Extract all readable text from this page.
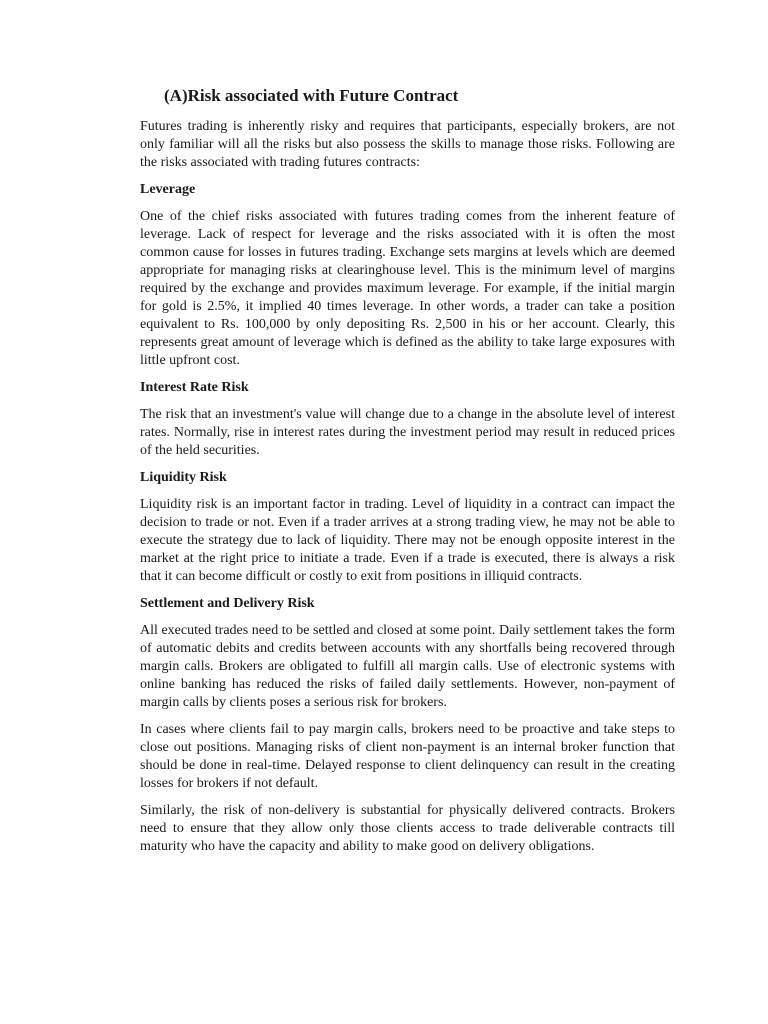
(A)Risk associated with Future Contract

Futures trading is inherently risky and requires that participants, especially brokers, are not only familiar will all the risks but also possess the skills to manage those risks. Following are the risks associated with trading futures contracts:

Leverage

One of the chief risks associated with futures trading comes from the inherent feature of leverage. Lack of respect for leverage and the risks associated with it is often the most common cause for losses in futures trading. Exchange sets margins at levels which are deemed appropriate for managing risks at clearinghouse level. This is the minimum level of margins required by the exchange and provides maximum leverage. For example, if the initial margin for gold is 2.5%, it implied 40 times leverage. In other words, a trader can take a position equivalent to Rs. 100,000 by only depositing Rs. 2,500 in his or her account. Clearly, this represents great amount of leverage which is defined as the ability to take large exposures with little upfront cost.

Interest Rate Risk

The risk that an investment's value will change due to a change in the absolute level of interest rates. Normally, rise in interest rates during the investment period may result in reduced prices of the held securities.

Liquidity Risk

Liquidity risk is an important factor in trading. Level of liquidity in a contract can impact the decision to trade or not. Even if a trader arrives at a strong trading view, he may not be able to execute the strategy due to lack of liquidity. There may not be enough opposite interest in the market at the right price to initiate a trade. Even if a trade is executed, there is always a risk that it can become difficult or costly to exit from positions in illiquid contracts.

Settlement and Delivery Risk

All executed trades need to be settled and closed at some point. Daily settlement takes the form of automatic debits and credits between accounts with any shortfalls being recovered through margin calls. Brokers are obligated to fulfill all margin calls. Use of electronic systems with online banking has reduced the risks of failed daily settlements. However, non-payment of margin calls by clients poses a serious risk for brokers.

In cases where clients fail to pay margin calls, brokers need to be proactive and take steps to close out positions. Managing risks of client non-payment is an internal broker function that should be done in real-time. Delayed response to client delinquency can result in the creating losses for brokers if not default.

Similarly, the risk of non-delivery is substantial for physically delivered contracts. Brokers need to ensure that they allow only those clients access to trade deliverable contracts till maturity who have the capacity and ability to make good on delivery obligations.
